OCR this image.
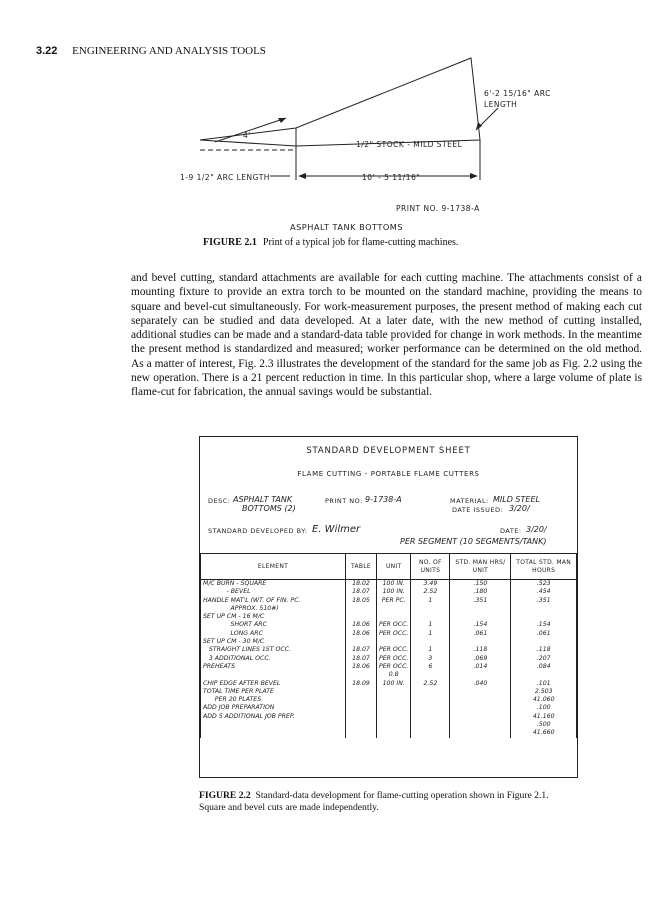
3.22 ENGINEERING AND ANALYSIS TOOLS
6'-2 15/16" ARC
LENGTH
4'
1/2" STOCK - MILD STEEL
1-9 1/2" ARC LENGTH	10' - 5 11/16"
PRINT NO. 9-1738-A
ASPHALT TANK BOTTOMS
FIGURE 2.1 Print of a typical job for flame-cutting machines.
and bevel cutting, standard attachments are available for each cutting machine. The attachments consist of a mounting fixture to provide an extra torch to be mounted on the standard machine, providing the means to square and bevel-cut simultaneously. For work-measurement purposes, the present method of making each cut separately can be studied and data developed. At a later date, with the new method of cutting installed, additional studies can be made and a standard-data table provided for change in work methods. In the meantime the present method is standardized and measured; worker performance can be determined on the old method. As a matter of interest, Fig. 2.3 illustrates the development of the standard for the same job as Fig. 2.2 using the new operation. There is a 21 percent reduction in time. In this particular shop, where a large volume of plate is flame-cut for fabrication, the annual savings would be substantial.
STANDARD DEVELOPMENT SHEET
FLAME CUTTING - PORTABLE FLAME CUTTERS
DESC: ASPHALT TANK
BOTTOMS (2)
PRINT NO: 9-1738-A	MATERIAL: MILD STEEL
DATE ISSUED: 3/20/
STANDARD DEVELOPED BY: E. Wilmer	DATE: 3/20/
PER SEGMENT (10 SEGMENTS/TANK)
ELEMENT	TABLE	UNIT	NO. OF UNITS	STD. MAN HRS/ UNIT	TOTAL STD. MAN HOURS
M/C BURN - SQUARE	18.02	100 IN.	3.49	.150	.523
- BEVEL	18.07	100 IN.	2.52	.180	.454
HANDLE MAT'L (WT. OF FIN. PC.	18.05	PER PC.	1	.351	.351
APPROX. 510#)					
SET UP CM - 16 M/C					
SHORT ARC	18.06	PER OCC.	1	.154	.154
LONG ARC	18.06	PER OCC.	1	.061	.061
SET UP CM - 30 M/C					
STRAIGHT LINES 1ST OCC.	18.07	PER OCC.	1	.118	.118
3 ADDITIONAL OCC.	18.07	PER OCC.	3	.069	.207
PREHEATS	18.06	PER OCC.	6	.014	.084
		0.8			
CHIP EDGE AFTER BEVEL	18.09	100 IN.	2.52	.040	.101
TOTAL TIME PER PLATE					2.503
PER 20 PLATES					41.060
ADD JOB PREPARATION					.100
ADD 5 ADDITIONAL JOB PREP.					41.160
					.500
					41.660
FIGURE 2.2 Standard-data development for flame-cutting operation shown in Figure 2.1. Square and bevel cuts are made independently.
